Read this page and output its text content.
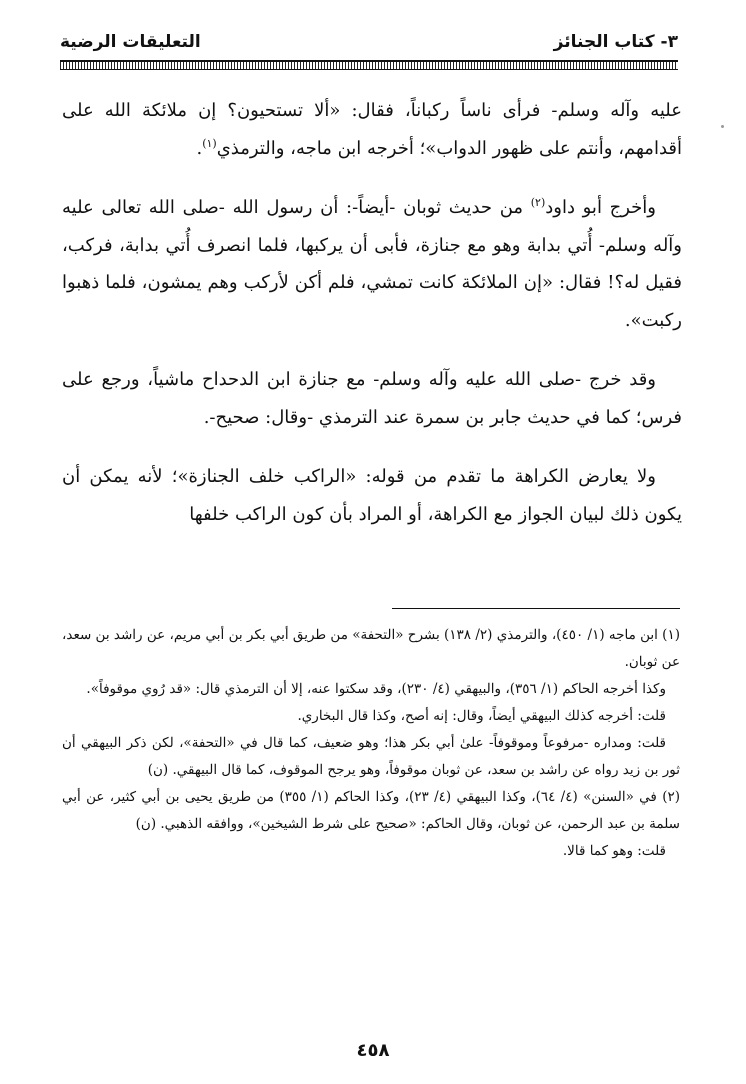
٣- كتاب الجنائز
التعليقات الرضية

عليه وآله وسلم- فرأى ناساً ركباناً، فقال: «ألا تستحيون؟ إن ملائكة الله على أقدامهم، وأنتم على ظهور الدواب»؛ أخرجه ابن ماجه، والترمذي$^{(١)}$.

وأخرج أبو داود$^{(٢)}$ من حديث ثوبان -أيضاً-: أن رسول الله -صلى الله تعالى عليه وآله وسلم- أُتي بدابة وهو مع جنازة، فأبى أن يركبها، فلما انصرف أُتي بدابة، فركب، فقيل له؟! فقال: «إن الملائكة كانت تمشي، فلم أكن لأركب وهم يمشون، فلما ذهبوا ركبت».

وقد خرج -صلى الله عليه وآله وسلم- مع جنازة ابن الدحداح ماشياً، ورجع على فرس؛ كما في حديث جابر بن سمرة عند الترمذي -وقال: صحيح-.

ولا يعارض الكراهة ما تقدم من قوله: «الراكب خلف الجنازة»؛ لأنه يمكن أن يكون ذلك لبيان الجواز مع الكراهة، أو المراد بأن كون الراكب خلفها

(١) ابن ماجه (١/ ٤٥٠)، والترمذي (٢/ ١٣٨) بشرح «التحفة» من طريق أبي بكر بن أبي مريم، عن راشد بن سعد، عن ثوبان.

وكذا أخرجه الحاكم (١/ ٣٥٦)، والبيهقي (٤/ ٢٣٠)، وقد سكتوا عنه، إلا أن الترمذي قال: «قد رُوي موقوفاً».

قلت: أخرجه كذلك البيهقي أيضاً، وقال: إنه أصح، وكذا قال البخاري.

قلت: ومداره -مرفوعاً وموقوفاً- علىٰ أبي بكر هذا؛ وهو ضعيف، كما قال في «التحفة»، لكن ذكر البيهقي أن ثور بن زيد رواه عن راشد بن سعد، عن ثوبان موقوفاً، وهو يرجح الموقوف، كما قال البيهقي. (ن)

(٢) في «السنن» (٤/ ٦٤)، وكذا البيهقي (٤/ ٢٣)، وكذا الحاكم (١/ ٣٥٥) من طريق يحيى بن أبي كثير، عن أبي سلمة بن عبد الرحمن، عن ثوبان، وقال الحاكم: «صحيح على شرط الشيخين»، ووافقه الذهبي. (ن)

قلت: وهو كما قالا.

٤٥٨
